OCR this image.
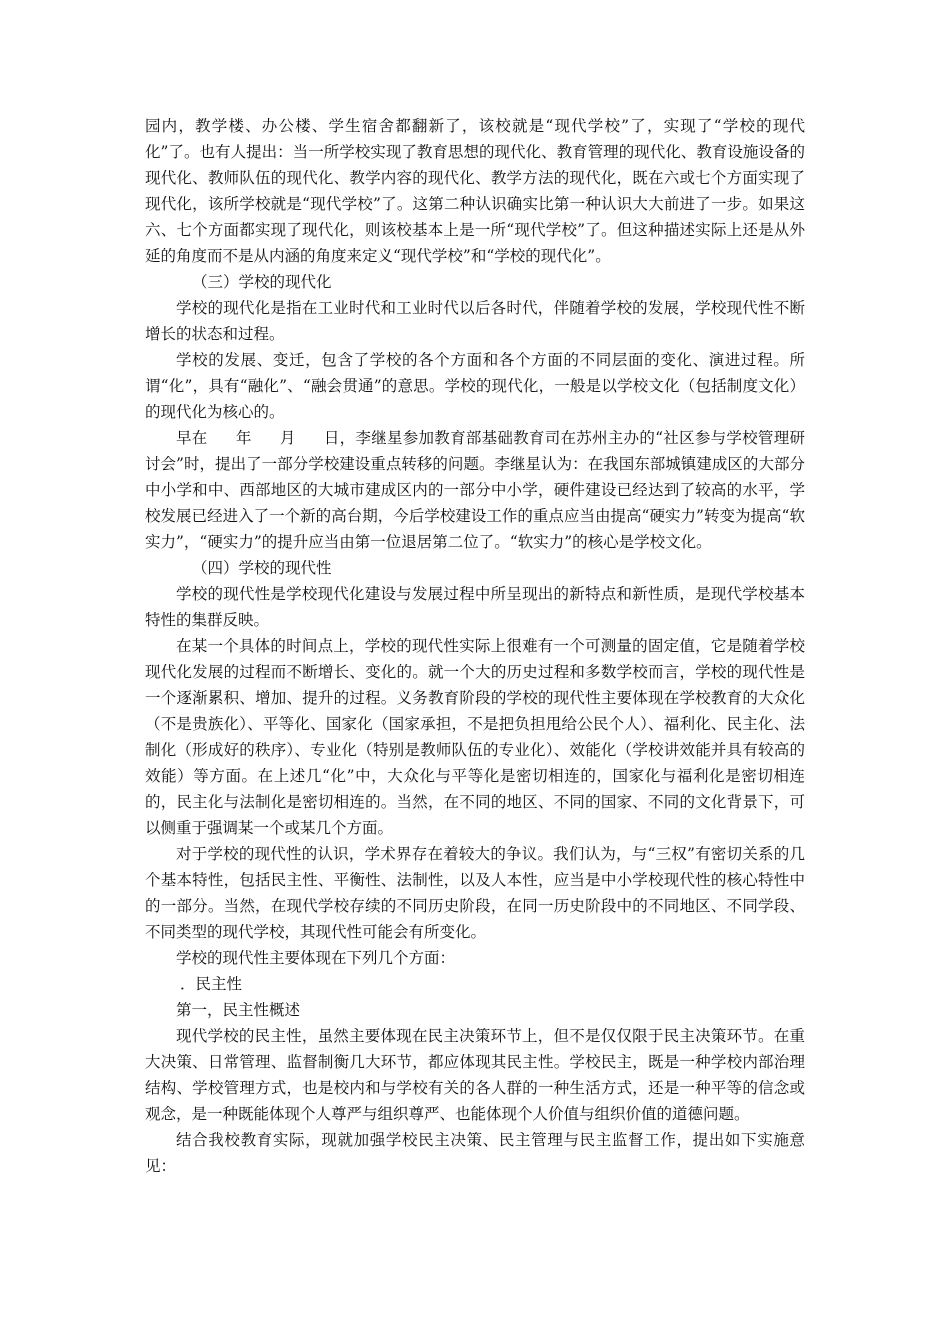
园内，教学楼、办公楼、学生宿舍都翻新了，该校就是“现代学校”了，实现了“学校的现代化”了。也有人提出：当一所学校实现了教育思想的现代化、教育管理的现代化、教育设施设备的现代化、教师队伍的现代化、教学内容的现代化、教学方法的现代化，既在六或七个方面实现了现代化，该所学校就是“现代学校”了。这第二种认识确实比第一种认识大大前进了一步。如果这六、七个方面都实现了现代化，则该校基本上是一所“现代学校”了。但这种描述实际上还是从外延的角度而不是从内涵的角度来定义“现代学校”和“学校的现代化”。

（三）学校的现代化

学校的现代化是指在工业时代和工业时代以后各时代，伴随着学校的发展，学校现代性不断增长的状态和过程。

学校的发展、变迁，包含了学校的各个方面和各个方面的不同层面的变化、演进过程。所谓“化”，具有“融化”、“融会贯通”的意思。学校的现代化，一般是以学校文化（包括制度文化）的现代化为核心的。

早在 年 月 日，李继星参加教育部基础教育司在苏州主办的“社区参与学校管理研讨会”时，提出了一部分学校建设重点转移的问题。李继星认为：在我国东部城镇建成区的大部分中小学和中、西部地区的大城市建成区内的一部分中小学，硬件建设已经达到了较高的水平，学校发展已经进入了一个新的高台期，今后学校建设工作的重点应当由提高“硬实力”转变为提高“软实力”，“硬实力”的提升应当由第一位退居第二位了。“软实力”的核心是学校文化。

（四）学校的现代性

学校的现代性是学校现代化建设与发展过程中所呈现出的新特点和新性质，是现代学校基本特性的集群反映。

在某一个具体的时间点上，学校的现代性实际上很难有一个可测量的固定值，它是随着学校现代化发展的过程而不断增长、变化的。就一个大的历史过程和多数学校而言，学校的现代性是一个逐渐累积、增加、提升的过程。义务教育阶段的学校的现代性主要体现在学校教育的大众化（不是贵族化）、平等化、国家化（国家承担，不是把负担甩给公民个人）、福利化、民主化、法制化（形成好的秩序）、专业化（特别是教师队伍的专业化）、效能化（学校讲效能并具有较高的效能）等方面。在上述几“化”中，大众化与平等化是密切相连的，国家化与福利化是密切相连的，民主化与法制化是密切相连的。当然，在不同的地区、不同的国家、不同的文化背景下，可以侧重于强调某一个或某几个方面。

对于学校的现代性的认识，学术界存在着较大的争议。我们认为，与“三权”有密切关系的几个基本特性，包括民主性、平衡性、法制性，以及人本性，应当是中小学校现代性的核心特性中的一部分。当然，在现代学校存续的不同历史阶段，在同一历史阶段中的不同地区、不同学段、不同类型的现代学校，其现代性可能会有所变化。

学校的现代性主要体现在下列几个方面：

．民主性

第一，民主性概述

现代学校的民主性，虽然主要体现在民主决策环节上，但不是仅仅限于民主决策环节。在重大决策、日常管理、监督制衡几大环节，都应体现其民主性。学校民主，既是一种学校内部治理结构、学校管理方式，也是校内和与学校有关的各人群的一种生活方式，还是一种平等的信念或观念，是一种既能体现个人尊严与组织尊严、也能体现个人价值与组织价值的道德问题。

结合我校教育实际，现就加强学校民主决策、民主管理与民主监督工作，提出如下实施意见：
